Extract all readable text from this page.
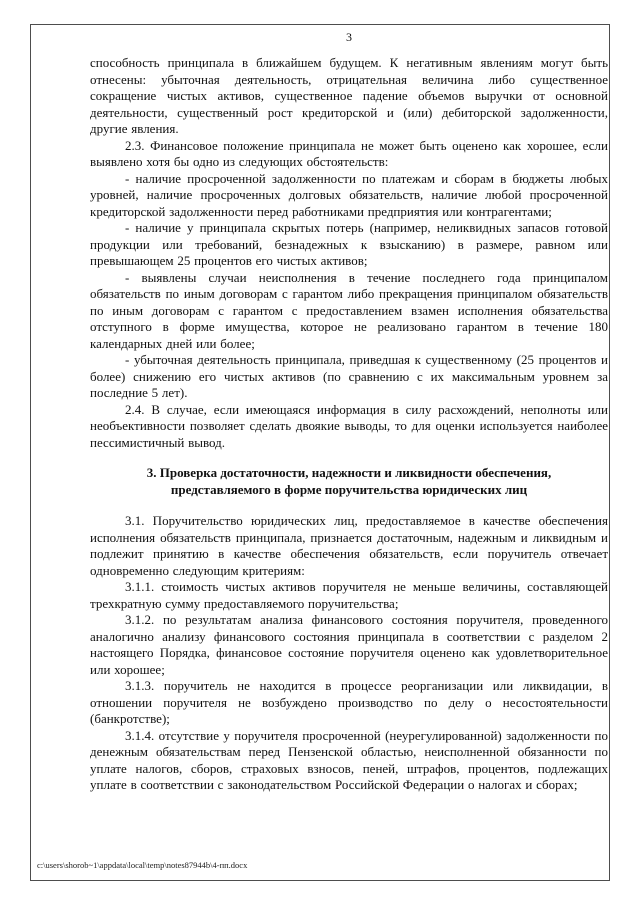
3

способность принципала в ближайшем будущем. К негативным явлениям могут быть отнесены: убыточная деятельность, отрицательная величина либо существенное сокращение чистых активов, существенное падение объемов выручки от основной деятельности, существенный рост кредиторской и (или) дебиторской задолженности, другие явления.

2.3. Финансовое положение принципала не может быть оценено как хорошее, если выявлено хотя бы одно из следующих обстоятельств:

- наличие просроченной задолженности по платежам и сборам в бюджеты любых уровней, наличие просроченных долговых обязательств, наличие любой просроченной кредиторской задолженности перед работниками предприятия или контрагентами;

- наличие у принципала скрытых потерь (например, неликвидных запасов готовой продукции или требований, безнадежных к взысканию) в размере, равном или превышающем 25 процентов его чистых активов;

- выявлены случаи неисполнения в течение последнего года принципалом обязательств по иным договорам с гарантом либо прекращения принципалом обязательств по иным договорам с гарантом с предоставлением взамен исполнения обязательства отступного в форме имущества, которое не реализовано гарантом в течение 180 календарных дней или более;

- убыточная деятельность принципала, приведшая к существенному (25 процентов и более) снижению его чистых активов (по сравнению с их максимальным уровнем за последние 5 лет).

2.4. В случае, если имеющаяся информация в силу расхождений, неполноты или необъективности позволяет сделать двоякие выводы, то для оценки используется наиболее пессимистичный вывод.

3. Проверка достаточности, надежности и ликвидности обеспечения,
представляемого в форме поручительства юридических лиц

3.1. Поручительство юридических лиц, предоставляемое в качестве обеспечения исполнения обязательств принципала, признается достаточным, надежным и ликвидным и подлежит принятию в качестве обеспечения обязательств, если поручитель отвечает одновременно следующим критериям:

3.1.1. стоимость чистых активов поручителя не меньше величины, составляющей трехкратную сумму предоставляемого поручительства;

3.1.2. по результатам анализа финансового состояния поручителя, проведенного аналогично анализу финансового состояния принципала в соответствии с разделом 2 настоящего Порядка, финансовое состояние поручителя оценено как удовлетворительное или хорошее;

3.1.3. поручитель не находится в процессе реорганизации или ликвидации, в отношении поручителя не возбуждено производство по делу о несостоятельности (банкротстве);

3.1.4. отсутствие у поручителя просроченной (неурегулированной) задолженности по денежным обязательствам перед Пензенской областью, неисполненной обязанности по уплате налогов, сборов, страховых взносов, пеней, штрафов, процентов, подлежащих уплате в соответствии с законодательством Российской Федерации о налогах и сборах;

c:\users\shorob~1\appdata\local\temp\notes87944b\4-пп.docx
